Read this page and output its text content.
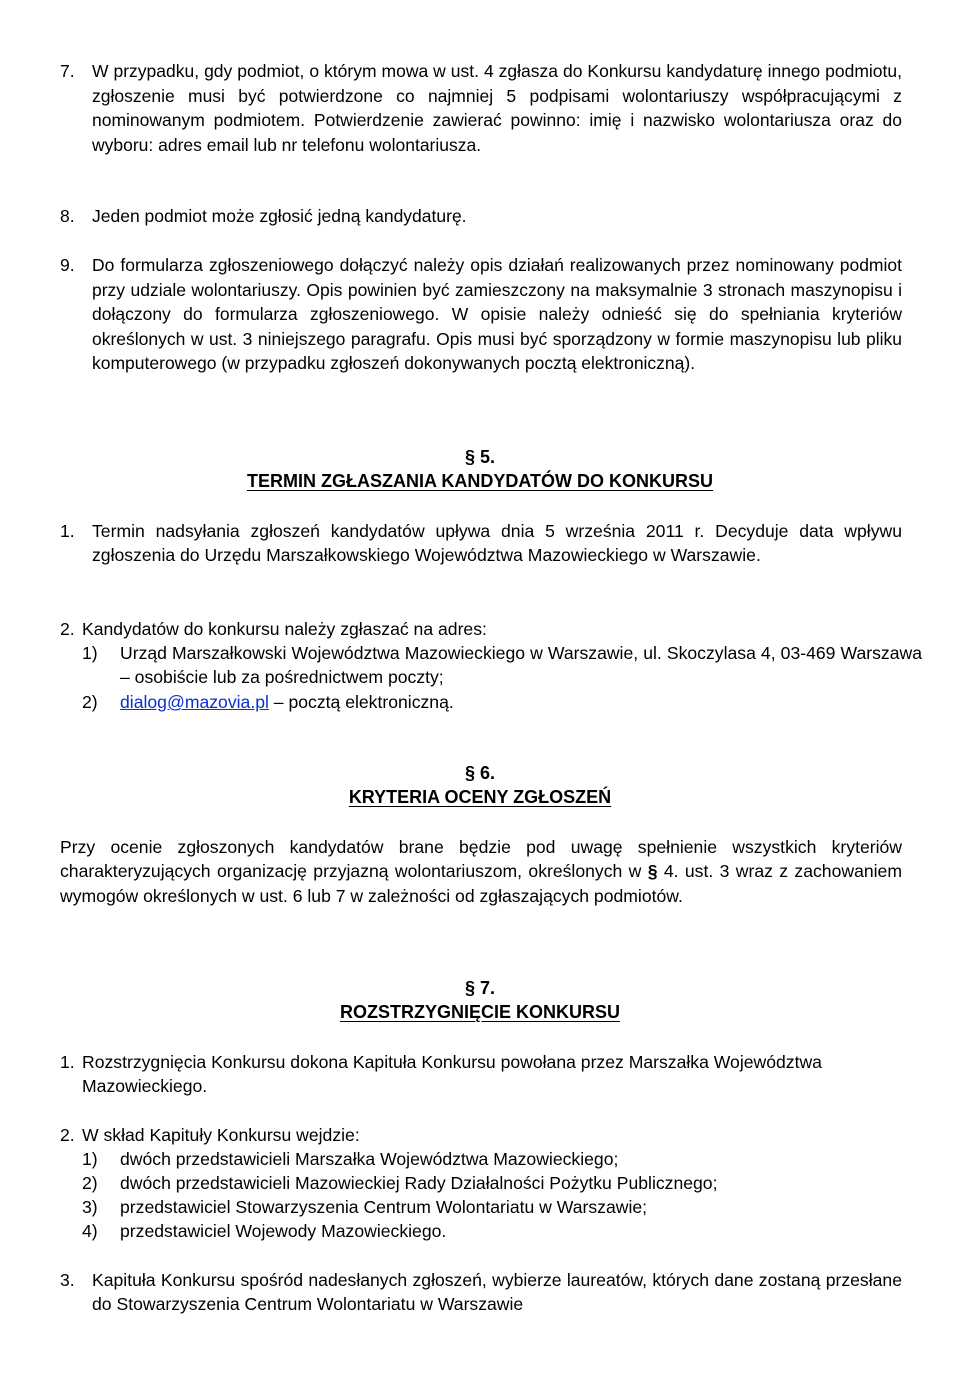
7. W przypadku, gdy podmiot, o którym mowa w ust. 4 zgłasza do Konkursu kandydaturę innego podmiotu, zgłoszenie musi być potwierdzone co najmniej 5 podpisami wolontariuszy współpracującymi z nominowanym podmiotem. Potwierdzenie zawierać powinno: imię i nazwisko wolontariusza oraz do wyboru: adres email lub nr telefonu wolontariusza.
8. Jeden podmiot może zgłosić jedną kandydaturę.
9. Do formularza zgłoszeniowego dołączyć należy opis działań realizowanych przez nominowany podmiot przy udziale wolontariuszy. Opis powinien być zamieszczony na maksymalnie 3 stronach maszynopisu i dołączony do formularza zgłoszeniowego. W opisie należy odnieść się do spełniania kryteriów określonych w ust. 3 niniejszego paragrafu. Opis musi być sporządzony w formie maszynopisu lub pliku komputerowego (w przypadku zgłoszeń dokonywanych pocztą elektroniczną).
§ 5.
TERMIN ZGŁASZANIA KANDYDATÓW DO KONKURSU
1. Termin nadsyłania zgłoszeń kandydatów upływa dnia 5 września 2011 r. Decyduje data wpływu zgłoszenia do Urzędu Marszałkowskiego Województwa Mazowieckiego w Warszawie.
2. Kandydatów do konkursu należy zgłaszać na adres:
1) Urząd Marszałkowski Województwa Mazowieckiego w Warszawie, ul. Skoczylasa 4, 03-469 Warszawa – osobiście lub za pośrednictwem poczty;
2) dialog@mazovia.pl – pocztą elektroniczną.
§ 6.
KRYTERIA OCENY ZGŁOSZEŃ
Przy ocenie zgłoszonych kandydatów brane będzie pod uwagę spełnienie wszystkich kryteriów charakteryzujących organizację przyjazną wolontariuszom, określonych w § 4. ust. 3 wraz z zachowaniem wymogów określonych w ust. 6 lub 7 w zależności od zgłaszających podmiotów.
§ 7.
ROZSTRZYGNIĘCIE KONKURSU
1. Rozstrzygnięcia Konkursu dokona Kapituła Konkursu powołana przez Marszałka Województwa Mazowieckiego.
2. W skład Kapituły Konkursu wejdzie:
1) dwóch przedstawicieli Marszałka Województwa Mazowieckiego;
2) dwóch przedstawicieli Mazowieckiej Rady Działalności Pożytku Publicznego;
3) przedstawiciel Stowarzyszenia Centrum Wolontariatu w Warszawie;
4) przedstawiciel Wojewody Mazowieckiego.
3. Kapituła Konkursu spośród nadesłanych zgłoszeń, wybierze laureatów, których dane zostaną przesłane do Stowarzyszenia Centrum Wolontariatu w Warszawie
